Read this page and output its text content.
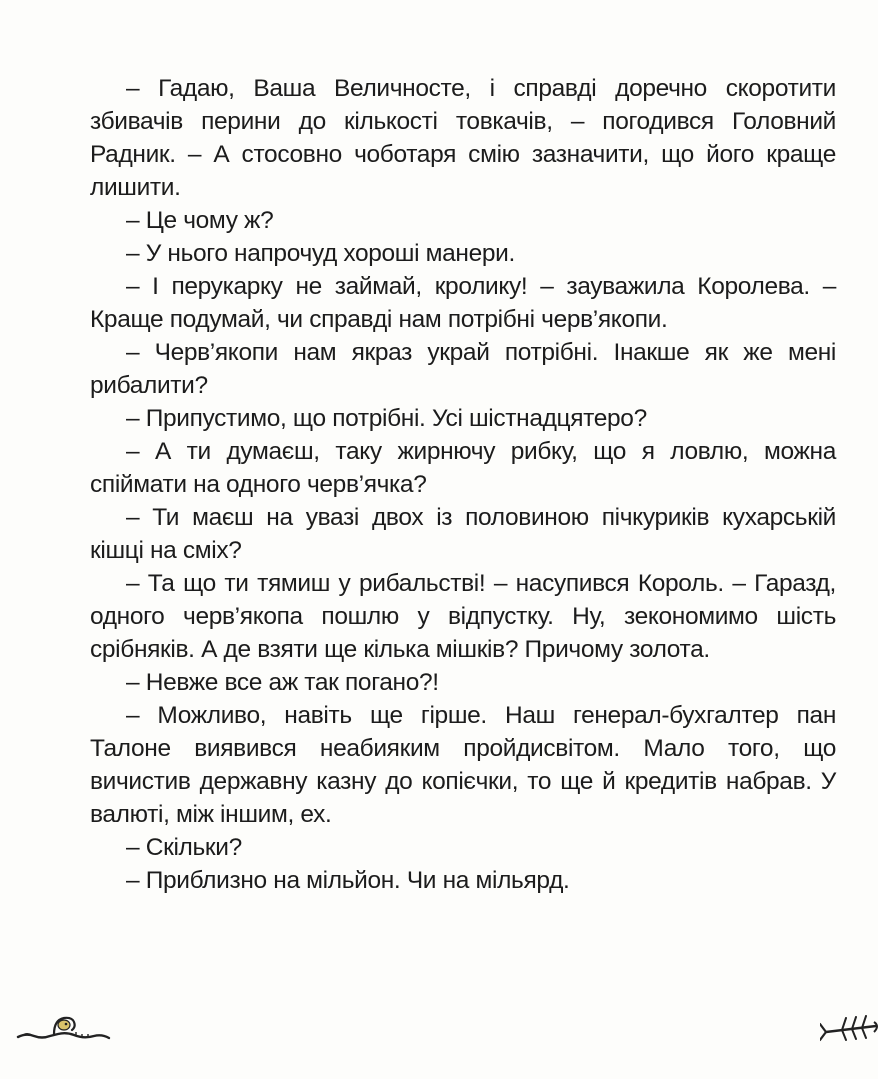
– Гадаю, Ваша Величносте, і справді доречно скоротити збивачів перини до кількості товкачів, – погодився Головний Радник. – А стосовно чоботаря смію зазначити, що його краще лишити.

– Це чому ж?

– У нього напрочуд хороші манери.

– І перукарку не займай, кролику! – зауважила Королева. – Краще подумай, чи справді нам потрібні черв’якопи.

– Черв’якопи нам якраз украй потрібні. Інакше як же мені рибалити?

– Припустимо, що потрібні. Усі шістнадцятеро?

– А ти думаєш, таку жирнючу рибку, що я ловлю, можна спіймати на одного черв’ячка?

– Ти маєш на увазі двох із половиною пічкуриків кухарській кішці на сміх?

– Та що ти тямиш у рибальстві! – насупився Король. – Гаразд, одного черв’якопа пошлю у відпустку. Ну, зекономимо шість срібняків. А де взяти ще кілька мішків? Причому золота.

– Невже все аж так погано?!

– Можливо, навіть ще гірше. Наш генерал-бухгалтер пан Талоне виявився неабияким пройдисвітом. Мало того, що вичистив державну казну до копієчки, то ще й кредитів набрав. У валюті, між іншим, ех.

– Скільки?

– Приблизно на мільйон. Чи на мільярд.
